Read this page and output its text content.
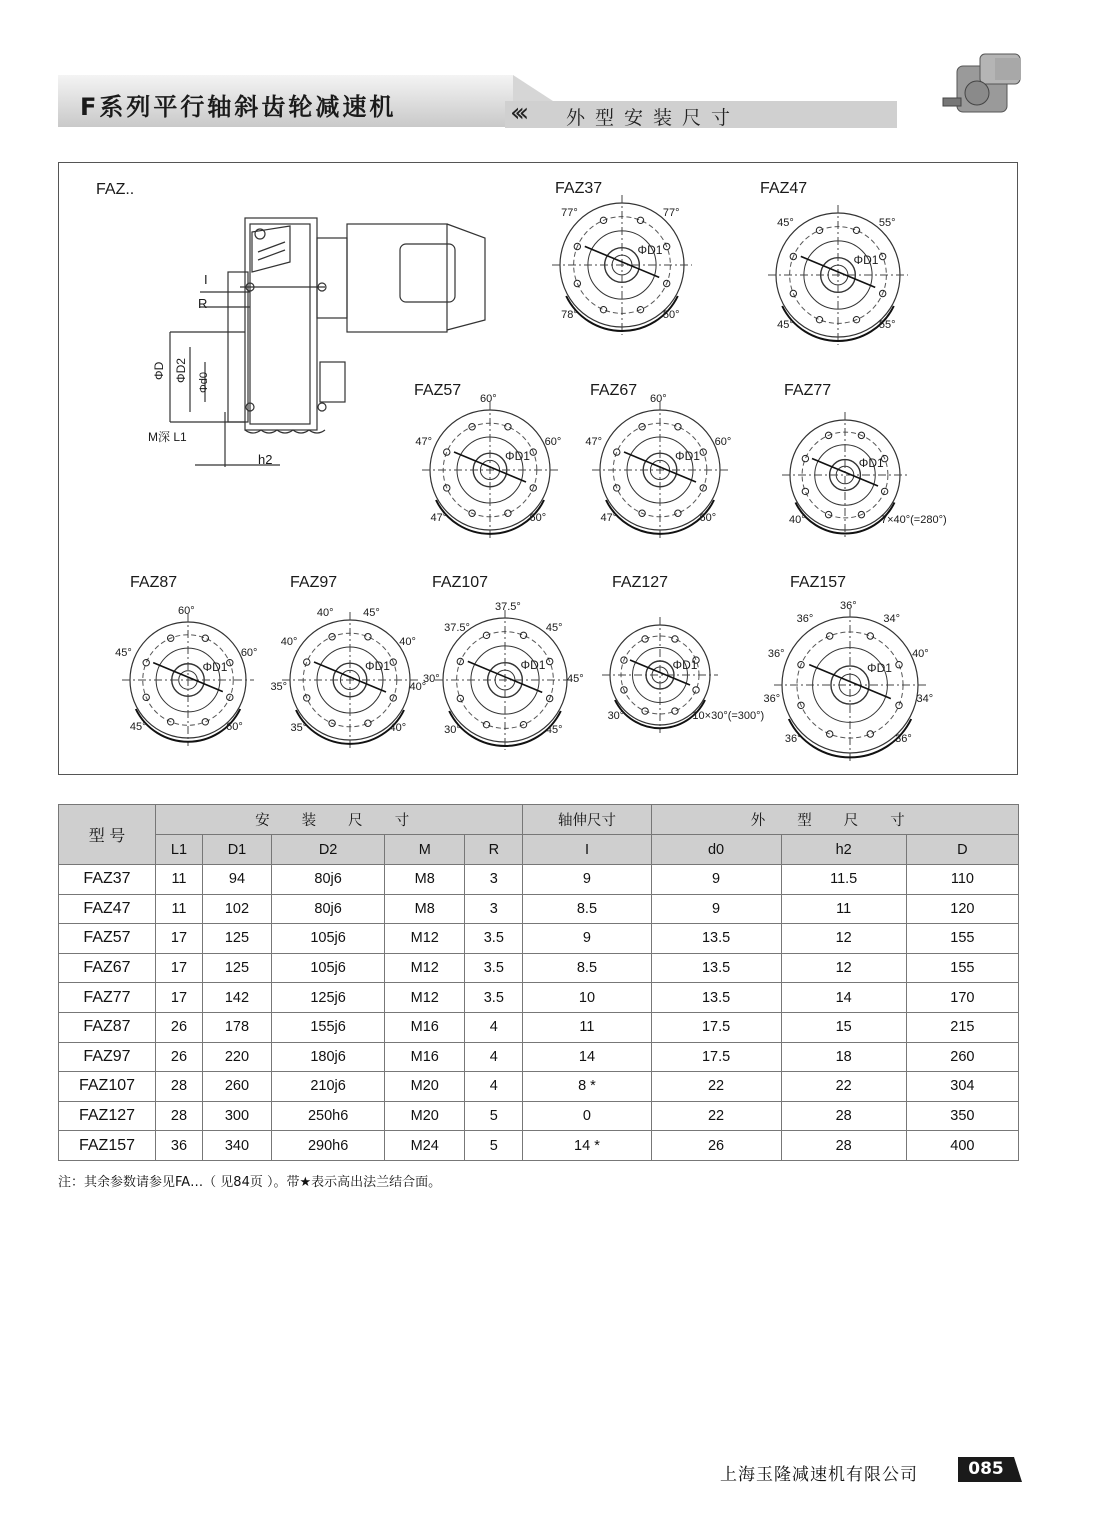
F系列平行轴斜齿轮减速机	‹‹‹ 外型安装尺寸
FAZ..
I
R
ΦD ΦD2 Φd0
M深 L1
h2
FAZ37
ΦD1
78°
77°	77°
50°
FAZ47
ΦD1
45°
45°	55°
55°
FAZ57
ΦD1
47°
47°
60°
60°
60°
FAZ67
ΦD1
47°
47°
60°
60°
60°
FAZ77
ΦD1
40°	7×40°(=280°)
FAZ87
ΦD1
45°
45°
60°
60°
60°
FAZ97
ΦD1
35°
35°
40°
40°	45°
40°
40°
40°
FAZ107
ΦD1
30°
30°
37.5°
37.5°
45°
45°
45°
FAZ127
ΦD1
30°	10×30°(=300°)
FAZ157
ΦD1
36°
36°
36°
36°
36°
34°
40°
34°
36°
型 号	安 装 尺 寸					轴伸尺寸	外 型 尺 寸		
	L1	D1	D2	M	R	I	d0	h2	D
FAZ37	11	94	80j6	M8	3	9	9	11.5	110
FAZ47	11	102	80j6	M8	3	8.5	9	11	120
FAZ57	17	125	105j6	M12	3.5	9	13.5	12	155
FAZ67	17	125	105j6	M12	3.5	8.5	13.5	12	155
FAZ77	17	142	125j6	M12	3.5	10	13.5	14	170
FAZ87	26	178	155j6	M16	4	11	17.5	15	215
FAZ97	26	220	180j6	M16	4	14	17.5	18	260
FAZ107	28	260	210j6	M20	4	8 *	22	22	304
FAZ127	28	300	250h6	M20	5	0	22	28	350
FAZ157	36	340	290h6	M24	5	14 *	26	28	400
注：其余参数请参见FA…（ 见84页 ）。带★表示高出法兰结合面。
上海玉隆减速机有限公司	085
